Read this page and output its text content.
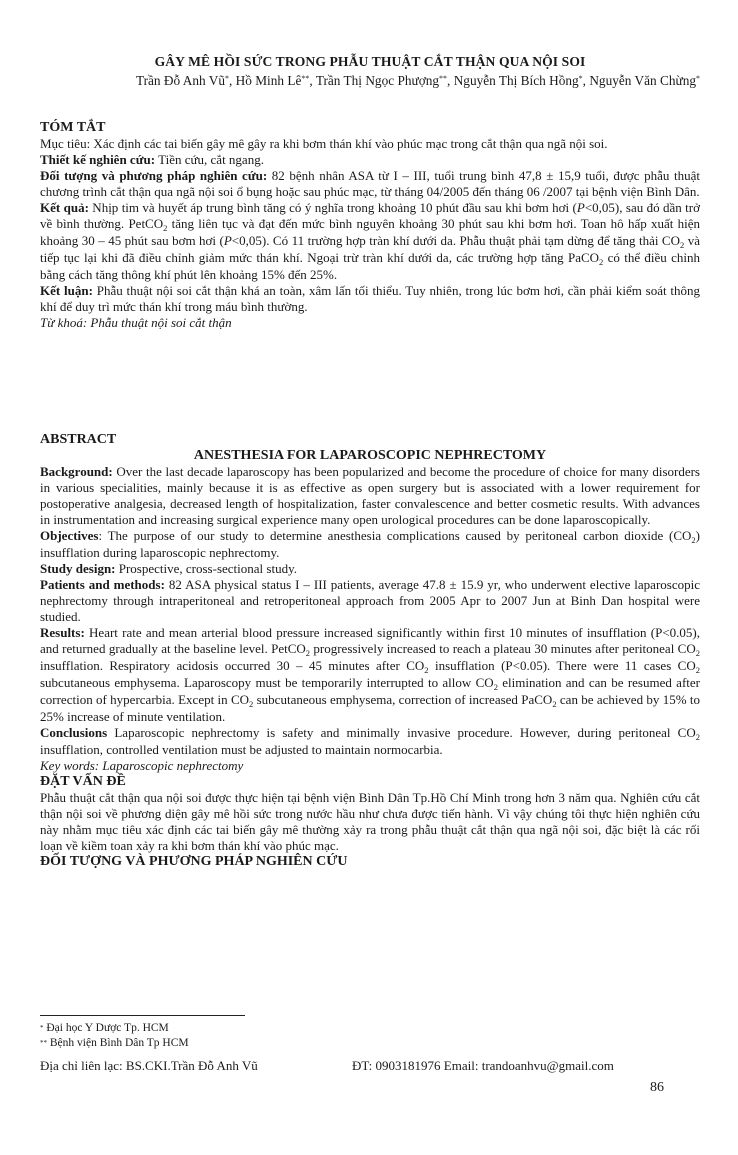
GÂY MÊ HỒI SỨC TRONG PHẪU THUẬT CẮT THẬN QUA NỘI SOI
Trần Đỗ Anh Vũ*, Hồ Minh Lê**, Trần Thị Ngọc Phượng**, Nguyễn Thị Bích Hồng*, Nguyễn Văn Chừng*
TÓM TẮT
Mục tiêu: Xác định các tai biến gây mê gây ra khi bơm thán khí vào phúc mạc trong cắt thận qua ngã nội soi.
Thiết kế nghiên cứu: Tiền cứu, cắt ngang.
Đối tượng và phương pháp nghiên cứu: 82 bệnh nhân ASA từ I – III, tuổi trung bình 47,8 ± 15,9 tuổi, được phẫu thuật chương trình cắt thận qua ngã nội soi ổ bụng hoặc sau phúc mạc, từ tháng 04/2005 đến tháng 06 /2007 tại bệnh viện Bình Dân.
Kết quả: Nhịp tim và huyết áp trung bình tăng có ý nghĩa trong khoảng 10 phút đầu sau khi bơm hơi (P<0,05), sau đó dần trở về bình thường. PetCO$_2$ tăng liên tục và đạt đến mức bình nguyên khoảng 30 phút sau khi bơm hơi. Toan hô hấp xuất hiện khoảng 30 – 45 phút sau bơm hơi (P<0,05). Có 11 trường hợp tràn khí dưới da. Phẫu thuật phải tạm dừng để tăng thải $CO_2$ và tiếp tục lại khi đã điều chỉnh giảm mức thán khí. Ngoại trừ tràn khí dưới da, các trường hợp tăng PaCO$_2$ có thể điều chỉnh bằng cách tăng thông khí phút lên khoảng 15% đến 25%.
Kết luận: Phẫu thuật nội soi cắt thận khá an toàn, xâm lấn tối thiểu. Tuy nhiên, trong lúc bơm hơi, cần phải kiểm soát thông khí để duy trì mức thán khí trong máu bình thường.
Từ khoá: Phẫu thuật nội soi cắt thận
ABSTRACT
ANESTHESIA FOR LAPAROSCOPIC NEPHRECTOMY
Background: Over the last decade laparoscopy has been popularized and become the procedure of choice for many disorders in various specialities, mainly because it is as effective as open surgery but is associated with a lower requirement for postoperative analgesia, decreased length of hospitalization, faster convalescence and better cosmetic results. With advances in instrumentation and increasing surgical experience many open urological procedures can be done laparoscopically.
Objectives: The purpose of our study to determine anesthesia complications caused by peritoneal carbon dioxide $(CO_2)$ insufflation during laparoscopic nephrectomy.
Study design: Prospective, cross-sectional study.
Patients and methods: 82 ASA physical status I – III patients, average 47.8 ± 15.9 yr, who underwent elective laparoscopic nephrectomy through intraperitoneal and retroperitoneal approach from 2005 Apr to 2007 Jun at Binh Dan hospital were studied.
Results: Heart rate and mean arterial blood pressure increased significantly within first 10 minutes of insufflation (P<0.05), and returned gradually at the baseline level. PetCO$_2$ progressively increased to reach a plateau 30 minutes after peritoneal $CO_2$ insufflation. Respiratory acidosis occurred 30 – 45 minutes after $CO_2$ insufflation (P<0.05). There were 11 cases $CO_2$ subcutaneous emphysema. Laparoscopy must be temporarily interrupted to allow $CO_2$ elimination and can be resumed after correction of hypercarbia. Except in $CO_2$ subcutaneous emphysema, correction of increased PaCO$_2$ can be achieved by 15% to 25% increase of minute ventilation.
Conclusions Laparoscopic nephrectomy is safety and minimally invasive procedure. However, during peritoneal $CO_2$ insufflation, controlled ventilation must be adjusted to maintain normocarbia.
Key words: Laparoscopic nephrectomy
ĐẶT VẤN ĐỀ
Phẫu thuật cắt thận qua nội soi được thực hiện tại bệnh viện Bình Dân Tp.Hồ Chí Minh trong hơn 3 năm qua. Nghiên cứu cắt thận nội soi về phương diện gây mê hồi sức trong nước hầu như chưa được tiến hành. Vì vậy chúng tôi thực hiện nghiên cứu này nhằm mục tiêu xác định các tai biến gây mê thường xảy ra trong phẫu thuật cắt thận qua ngã nội soi, đặc biệt là các rối loạn về kiềm toan xảy ra khi bơm thán khí vào phúc mạc.
ĐỐI TƯỢNG VÀ PHƯƠNG PHÁP NGHIÊN CỨU
* Đại học Y Dược Tp. HCM
** Bệnh viện Bình Dân Tp HCM
Địa chỉ liên lạc: BS.CKI.Trần Đỗ Anh Vũ	ĐT: 0903181976 Email: trandoanhvu@gmail.com
86
